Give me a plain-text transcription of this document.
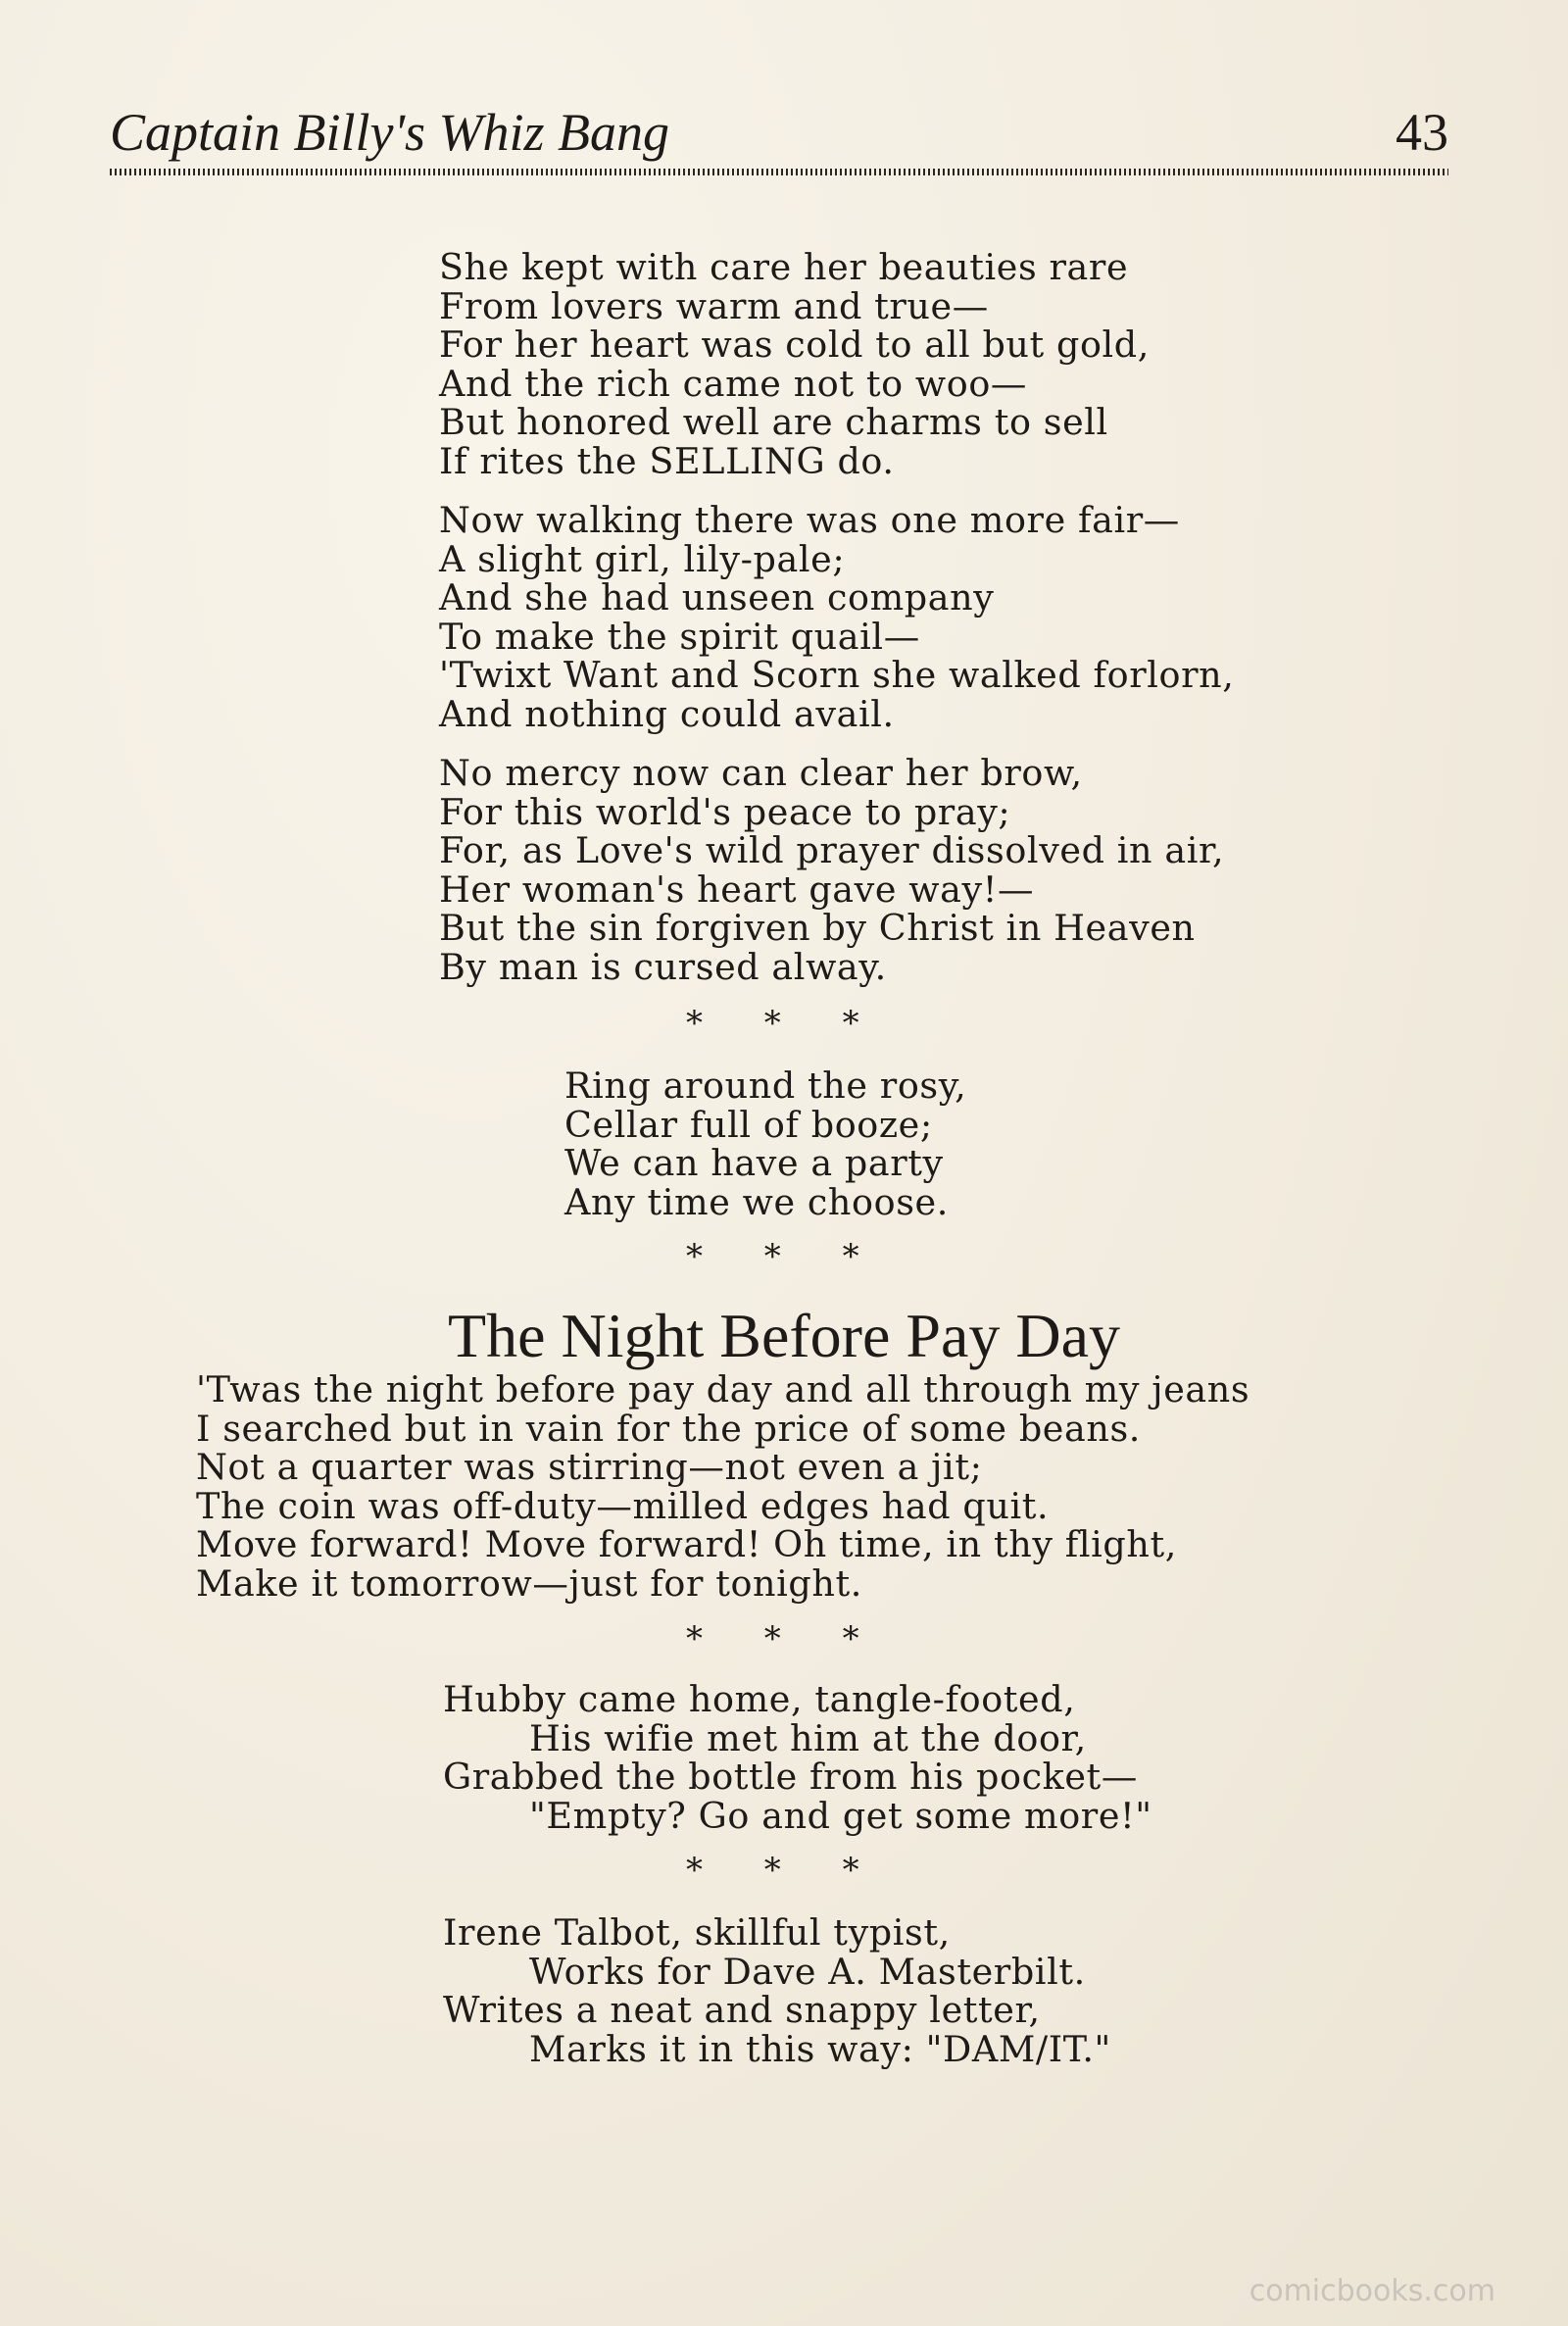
Captain Billy's Whiz Bang	43
She kept with care her beauties rare
From lovers warm and true—
For her heart was cold to all but gold,
And the rich came not to woo—
But honored well are charms to sell
If rites the SELLING do.
Now walking there was one more fair—
A slight girl, lily-pale;
And she had unseen company
To make the spirit quail—
'Twixt Want and Scorn she walked forlorn,
And nothing could avail.
No mercy now can clear her brow,
For this world's peace to pray;
For, as Love's wild prayer dissolved in air,
Her woman's heart gave way!—
But the sin forgiven by Christ in Heaven
By man is cursed alway.
* * *
Ring around the rosy,
Cellar full of booze;
We can have a party
Any time we choose.
* * *
The Night Before Pay Day
'Twas the night before pay day and all through my jeans
I searched but in vain for the price of some beans.
Not a quarter was stirring—not even a jit;
The coin was off-duty—milled edges had quit.
Move forward! Move forward! Oh time, in thy flight,
Make it tomorrow—just for tonight.
* * *
Hubby came home, tangle-footed,
His wifie met him at the door,
Grabbed the bottle from his pocket—
"Empty? Go and get some more!"
* * *
Irene Talbot, skillful typist,
Works for Dave A. Masterbilt.
Writes a neat and snappy letter,
Marks it in this way: "DAM/IT."
comicbooks.com
